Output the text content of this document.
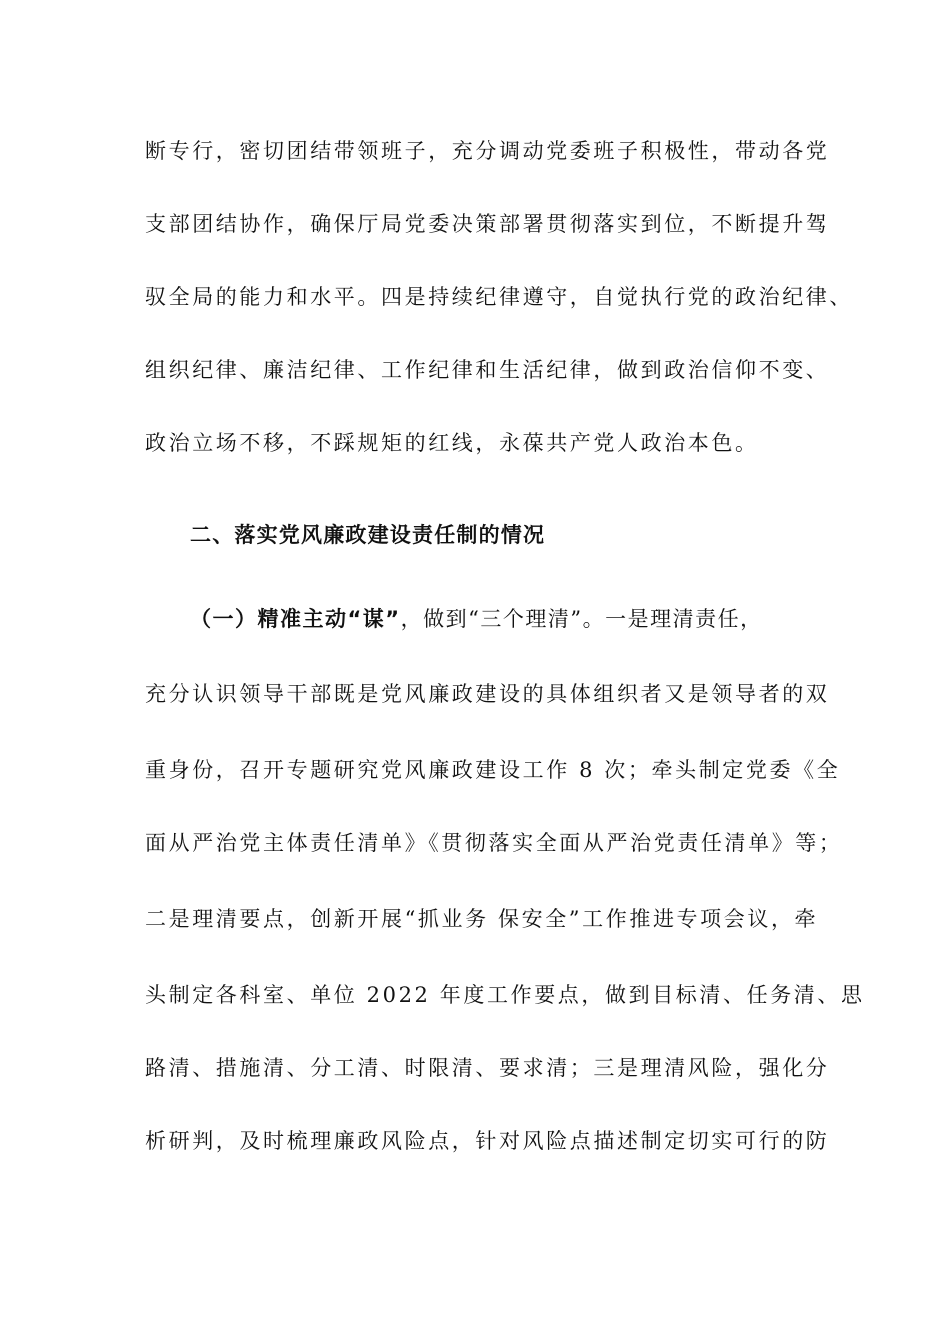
断专行，密切团结带领班子，充分调动党委班子积极性，带动各党
支部团结协作，确保厅局党委决策部署贯彻落实到位，不断提升驾
驭全局的能力和水平。四是持续纪律遵守，自觉执行党的政治纪律、
组织纪律、廉洁纪律、工作纪律和生活纪律，做到政治信仰不变、
政治立场不移，不踩规矩的红线，永葆共产党人政治本色。
二、落实党风廉政建设责任制的情况
（一）精准主动“谋”，做到“三个理清”。一是理清责任，
充分认识领导干部既是党风廉政建设的具体组织者又是领导者的双
重身份，召开专题研究党风廉政建设工作 8 次；牵头制定党委《全
面从严治党主体责任清单》《贯彻落实全面从严治党责任清单》等；
二是理清要点，创新开展“抓业务 保安全”工作推进专项会议，牵
头制定各科室、单位 2022 年度工作要点，做到目标清、任务清、思
路清、措施清、分工清、时限清、要求清；三是理清风险，强化分
析研判，及时梳理廉政风险点，针对风险点描述制定切实可行的防
